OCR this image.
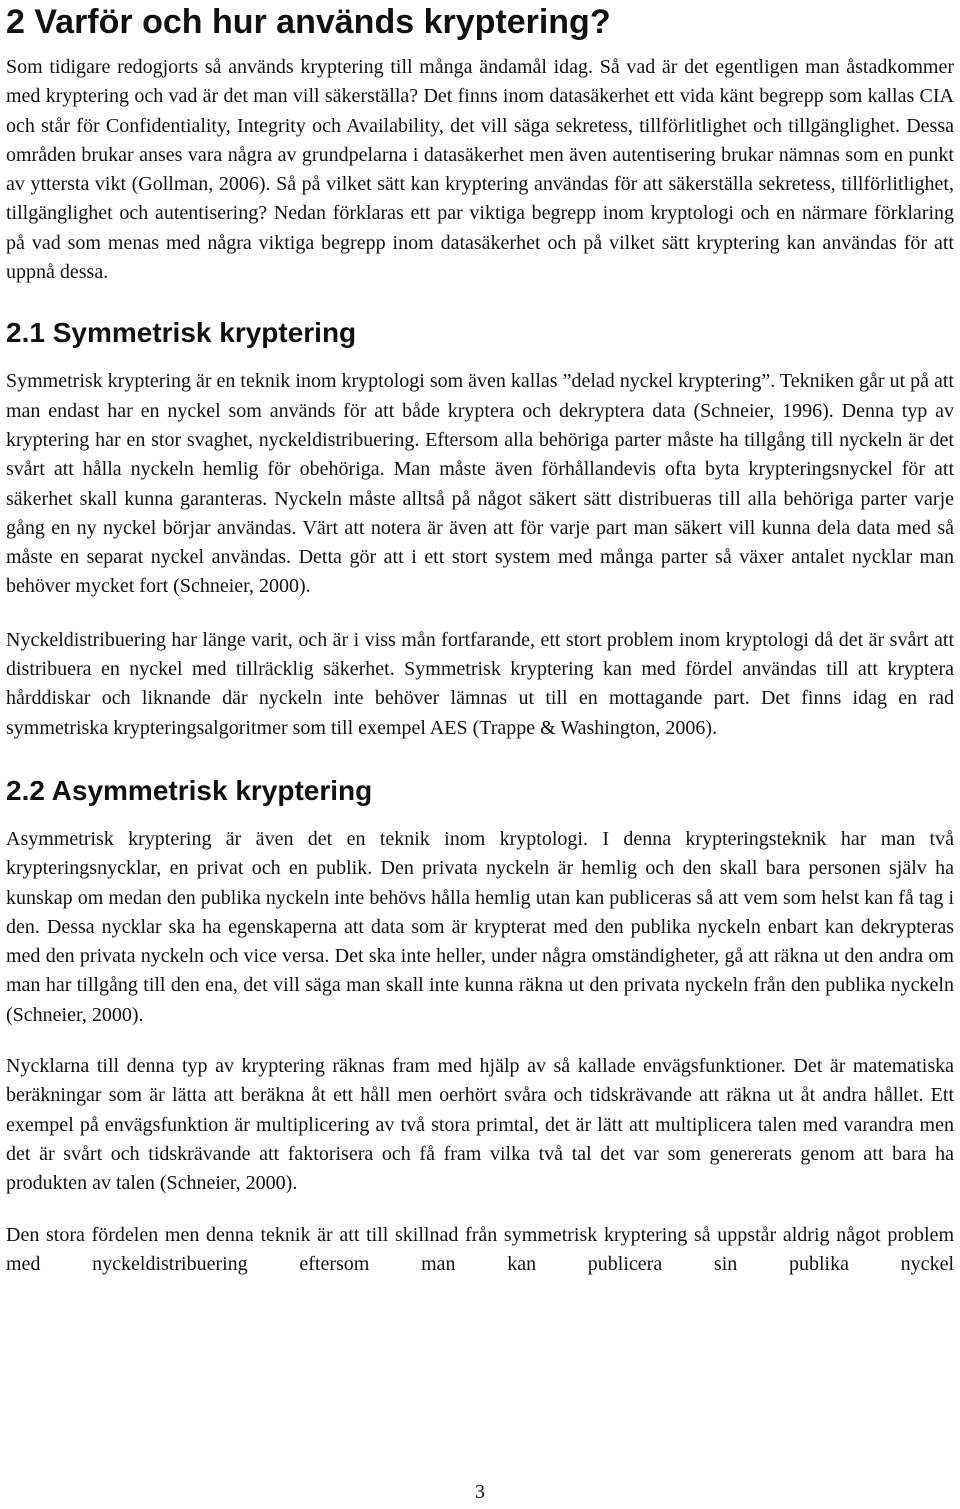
2 Varför och hur används kryptering?

Som tidigare redogjorts så används kryptering till många ändamål idag. Så vad är det egentligen man åstadkommer med kryptering och vad är det man vill säkerställa? Det finns inom datasäkerhet ett vida känt begrepp som kallas CIA och står för Confidentiality, Integrity och Availability, det vill säga sekretess, tillförlitlighet och tillgänglighet. Dessa områden brukar anses vara några av grundpelarna i datasäkerhet men även autentisering brukar nämnas som en punkt av yttersta vikt (Gollman, 2006). Så på vilket sätt kan kryptering användas för att säkerställa sekretess, tillförlitlighet, tillgänglighet och autentisering? Nedan förklaras ett par viktiga begrepp inom kryptologi och en närmare förklaring på vad som menas med några viktiga begrepp inom datasäkerhet och på vilket sätt kryptering kan användas för att uppnå dessa.

2.1 Symmetrisk kryptering

Symmetrisk kryptering är en teknik inom kryptologi som även kallas ”delad nyckel kryptering”. Tekniken går ut på att man endast har en nyckel som används för att både kryptera och dekryptera data (Schneier, 1996). Denna typ av kryptering har en stor svaghet, nyckeldistribuering. Eftersom alla behöriga parter måste ha tillgång till nyckeln är det svårt att hålla nyckeln hemlig för obehöriga. Man måste även förhållandevis ofta byta krypteringsnyckel för att säkerhet skall kunna garanteras. Nyckeln måste alltså på något säkert sätt distribueras till alla behöriga parter varje gång en ny nyckel börjar användas. Värt att notera är även att för varje part man säkert vill kunna dela data med så måste en separat nyckel användas. Detta gör att i ett stort system med många parter så växer antalet nycklar man behöver mycket fort (Schneier, 2000).

Nyckeldistribuering har länge varit, och är i viss mån fortfarande, ett stort problem inom kryptologi då det är svårt att distribuera en nyckel med tillräcklig säkerhet. Symmetrisk kryptering kan med fördel användas till att kryptera hårddiskar och liknande där nyckeln inte behöver lämnas ut till en mottagande part. Det finns idag en rad symmetriska krypteringsalgoritmer som till exempel AES (Trappe & Washington, 2006).

2.2 Asymmetrisk kryptering

Asymmetrisk kryptering är även det en teknik inom kryptologi. I denna krypteringsteknik har man två krypteringsnycklar, en privat och en publik. Den privata nyckeln är hemlig och den skall bara personen själv ha kunskap om medan den publika nyckeln inte behövs hålla hemlig utan kan publiceras så att vem som helst kan få tag i den. Dessa nycklar ska ha egenskaperna att data som är krypterat med den publika nyckeln enbart kan dekrypteras med den privata nyckeln och vice versa. Det ska inte heller, under några omständigheter, gå att räkna ut den andra om man har tillgång till den ena, det vill säga man skall inte kunna räkna ut den privata nyckeln från den publika nyckeln (Schneier, 2000).

Nycklarna till denna typ av kryptering räknas fram med hjälp av så kallade envägsfunktioner. Det är matematiska beräkningar som är lätta att beräkna åt ett håll men oerhört svåra och tidskrävande att räkna ut åt andra hållet. Ett exempel på envägsfunktion är multiplicering av två stora primtal, det är lätt att multiplicera talen med varandra men det är svårt och tidskrävande att faktorisera och få fram vilka två tal det var som genererats genom att bara ha produkten av talen (Schneier, 2000).

Den stora fördelen men denna teknik är att till skillnad från symmetrisk kryptering så uppstår aldrig något problem med nyckeldistribuering eftersom man kan publicera sin publika nyckel

3
